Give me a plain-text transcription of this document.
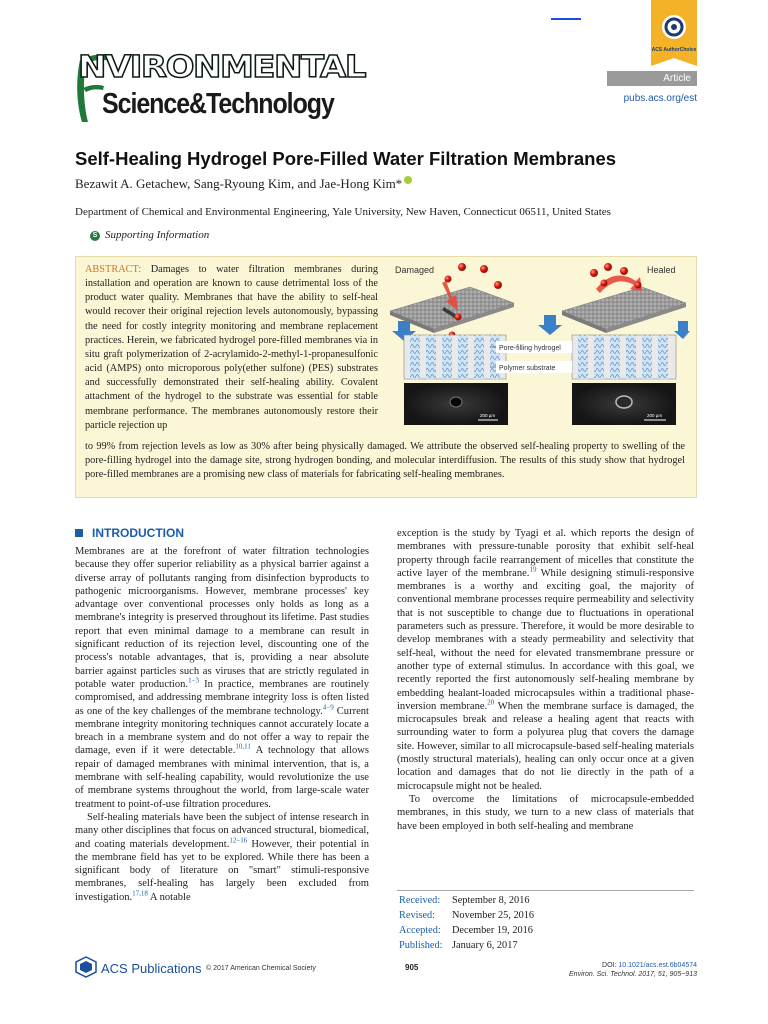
NVIRONMENTAL
Science&Technology
ACS AuthorChoice
Article
pubs.acs.org/est
Self-Healing Hydrogel Pore-Filled Water Filtration Membranes
Bezawit A. Getachew, Sang-Ryoung Kim, and Jae-Hong Kim*
Department of Chemical and Environmental Engineering, Yale University, New Haven, Connecticut 06511, United States
S Supporting Information
ABSTRACT: Damages to water filtration membranes during installation and operation are known to cause detrimental loss of the product water quality. Membranes that have the ability to self-heal would recover their original rejection levels autonomously, bypassing the need for costly integrity monitoring and membrane replacement practices. Herein, we fabricated hydrogel pore-filled membranes via in situ graft polymerization of 2-acrylamido-2-methyl-1-propanesulfonic acid (AMPS) onto microporous poly(ether sulfone) (PES) substrates and successfully demonstrated their self-healing ability. Covalent attachment of the hydrogel to the substrate was essential for stable membrane performance. The membranes autonomously restore their particle rejection up
to 99% from rejection levels as low as 30% after being physically damaged. We attribute the observed self-healing property to swelling of the pore-filling hydrogel into the damage site, strong hydrogen bonding, and molecular interdiffusion. The results of this study show that hydrogel pore-filled membranes are a promising new class of materials for fabricating self-healing membranes.
Damaged	Healed
Pore-filling hydrogel
Polymer substrate
200 µm	200 µm
INTRODUCTION

Membranes are at the forefront of water filtration technologies because they offer superior reliability as a physical barrier against a diverse array of pollutants ranging from disinfection byproducts to pathogenic microorganisms. However, membrane processes' key advantage over conventional processes only holds as long as a membrane's integrity is preserved throughout its lifetime. Past studies report that even minimal damage to a membrane can result in significant reduction of its rejection level, discounting one of the process's notable advantages, that is, providing a near absolute barrier against particles such as viruses that are strictly regulated in potable water production.$^{1-3}$ In practice, membranes are routinely compromised, and addressing membrane integrity loss is often listed as one of the key challenges of the membrane technology.$^{4-9}$ Current membrane integrity monitoring techniques cannot accurately locate a breach in a membrane system and do not offer a way to repair the damage, even if it were detectable.$^{10,11}$ A technology that allows repair of damaged membranes with minimal intervention, that is, a membrane with self-healing capability, would revolutionize the use of membrane systems throughout the world, from large-scale water treatment to point-of-use filtration procedures.

Self-healing materials have been the subject of intense research in many other disciplines that focus on advanced structural, biomedical, and coating materials development.$^{12-16}$ However, their potential in the membrane field has yet to be explored. While there has been a significant body of literature on "smart" stimuli-responsive membranes, self-healing has largely been excluded from investigation.$^{17,18}$ A notable

exception is the study by Tyagi et al. which reports the design of membranes with pressure-tunable porosity that exhibit self-heal property through facile rearrangement of micelles that constitute the active layer of the membrane.$^{19}$ While designing stimuli-responsive membranes is a worthy and exciting goal, the majority of conventional membrane processes require permeability and selectivity that is not susceptible to change due to fluctuations in operational parameters such as pressure. Therefore, it would be more desirable to develop membranes with a steady permeability and selectivity that self-heal, without the need for elevated transmembrane pressure or another type of external stimulus. In accordance with this goal, we recently reported the first autonomously self-healing membrane by embedding healant-loaded microcapsules within a traditional phase-inversion membrane.$^{20}$ When the membrane surface is damaged, the microcapsules break and release a healing agent that reacts with surrounding water to form a polyurea plug that covers the damage site. However, similar to all microcapsule-based self-healing materials (mostly structural materials), healing can only occur once at a given location and damages that do not lie directly in the path of a microcapsule might not be healed.

To overcome the limitations of microcapsule-embedded membranes, in this study, we turn to a new class of materials that have been employed in both self-healing and membrane

Received: September 8, 2016
Revised: November 25, 2016
Accepted: December 19, 2016
Published: January 6, 2017
ACS Publications © 2017 American Chemical Society	905	DOI: 10.1021/acs.est.6b04574
Environ. Sci. Technol. 2017, 51, 905−913
